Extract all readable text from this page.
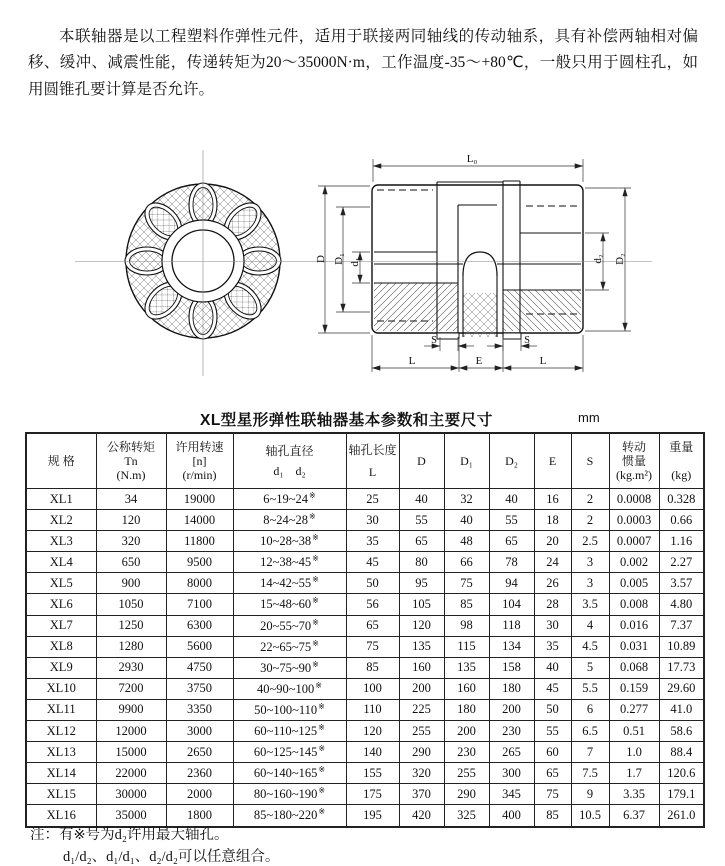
本联轴器是以工程塑料作弹性元件，适用于联接两同轴线的传动轴系，具有补偿两轴相对偏移、缓冲、减震性能，传递转矩为20～35000N·m，工作温度-35～+80℃，一般只用于圆柱孔，如用圆锥孔要计算是否允许。

L₀
D D₁ d₁	d₂ D₂
S	S
L	E	L
XL型星形弹性联轴器基本参数和主要尺寸	mm
规 格	公称转矩
Tn
(N.m)	许用转速
[n]
(r/min)	轴孔直径
d₁    d₂	轴孔长度
L	D	D₁	D₂	E	S	转动
惯量
(kg.m²)	重量
(kg)

XL1	34	19000	6~19~24※	25	40	32	40	16	2	0.0008	0.328
XL2	120	14000	8~24~28※	30	55	40	55	18	2	0.0003	0.66
XL3	320	11800	10~28~38※	35	65	48	65	20	2.5	0.0007	1.16
XL4	650	9500	12~38~45※	45	80	66	78	24	3	0.002	2.27
XL5	900	8000	14~42~55※	50	95	75	94	26	3	0.005	3.57
XL6	1050	7100	15~48~60※	56	105	85	104	28	3.5	0.008	4.80
XL7	1250	6300	20~55~70※	65	120	98	118	30	4	0.016	7.37
XL8	1280	5600	22~65~75※	75	135	115	134	35	4.5	0.031	10.89
XL9	2930	4750	30~75~90※	85	160	135	158	40	5	0.068	17.73
XL10	7200	3750	40~90~100※	100	200	160	180	45	5.5	0.159	29.60
XL11	9900	3350	50~100~110※	110	225	180	200	50	6	0.277	41.0
XL12	12000	3000	60~110~125※	120	255	200	230	55	6.5	0.51	58.6
XL13	15000	2650	60~125~145※	140	290	230	265	60	7	1.0	88.4
XL14	22000	2360	60~140~165※	155	320	255	300	65	7.5	1.7	120.6
XL15	30000	2000	80~160~190※	175	370	290	345	75	9	3.35	179.1
XL16	35000	1800	85~180~220※	195	420	325	400	85	10.5	6.37	261.0
注：有※号为d₂许用最大轴孔。
d₁/d₂、d₁/d₁、d₂/d₂可以任意组合。
